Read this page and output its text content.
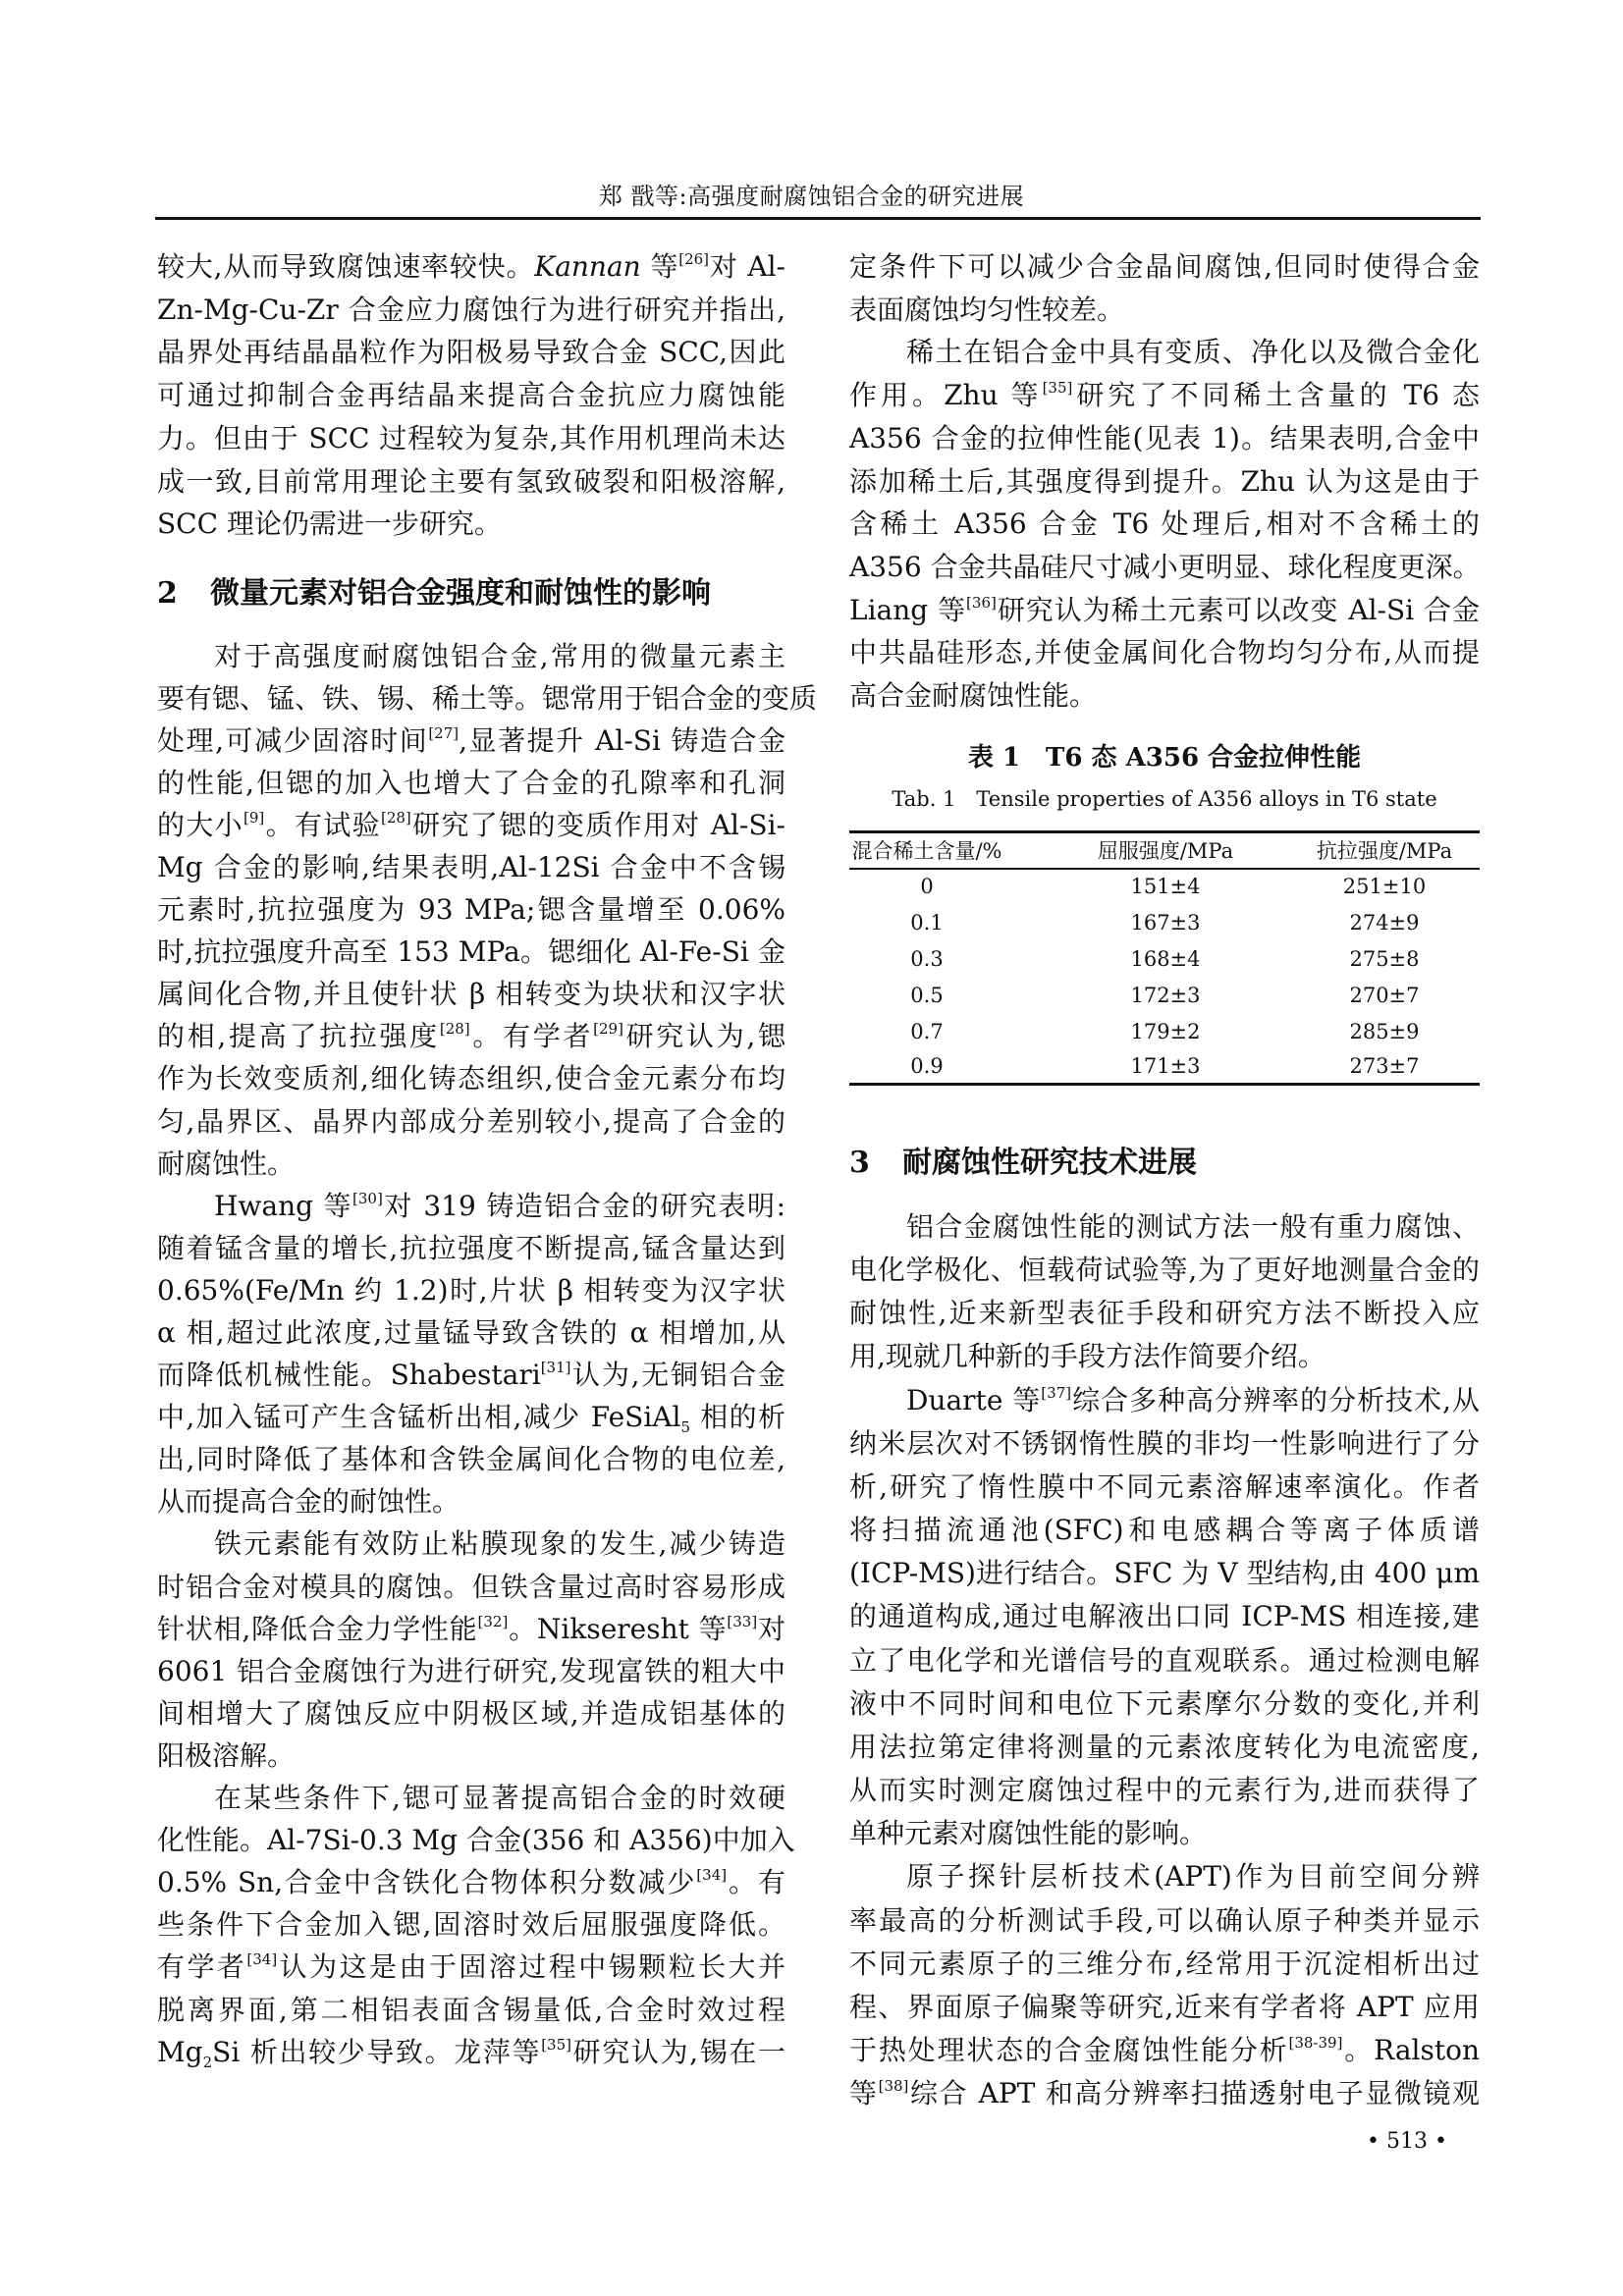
郑 戬等:高强度耐腐蚀铝合金的研究进展
较大,从而导致腐蚀速率较快。Kannan 等[26]对 Al-
Zn-Mg-Cu-Zr 合金应力腐蚀行为进行研究并指出,
晶界处再结晶晶粒作为阳极易导致合金 SCC,因此
可通过抑制合金再结晶来提高合金抗应力腐蚀能
力。但由于 SCC 过程较为复杂,其作用机理尚未达
成一致,目前常用理论主要有氢致破裂和阳极溶解,
SCC 理论仍需进一步研究。
2 微量元素对铝合金强度和耐蚀性的影响
对于高强度耐腐蚀铝合金,常用的微量元素主
要有锶、锰、铁、锡、稀土等。锶常用于铝合金的变质
处理,可减少固溶时间[27],显著提升 Al-Si 铸造合金
的性能,但锶的加入也增大了合金的孔隙率和孔洞
的大小[9]。有试验[28]研究了锶的变质作用对 Al-Si-
Mg 合金的影响,结果表明,Al-12Si 合金中不含锡
元素时,抗拉强度为 93 MPa;锶含量增至 0.06%
时,抗拉强度升高至 153 MPa。锶细化 Al-Fe-Si 金
属间化合物,并且使针状 β 相转变为块状和汉字状
的相,提高了抗拉强度[28]。有学者[29]研究认为,锶
作为长效变质剂,细化铸态组织,使合金元素分布均
匀,晶界区、晶界内部成分差别较小,提高了合金的
耐腐蚀性。
Hwang 等[30]对 319 铸造铝合金的研究表明:
随着锰含量的增长,抗拉强度不断提高,锰含量达到
0.65%(Fe/Mn 约 1.2)时,片状 β 相转变为汉字状
α 相,超过此浓度,过量锰导致含铁的 α 相增加,从
而降低机械性能。Shabestari[31]认为,无铜铝合金
中,加入锰可产生含锰析出相,减少 FeSiAl$_5$ 相的析
出,同时降低了基体和含铁金属间化合物的电位差,
从而提高合金的耐蚀性。
铁元素能有效防止粘膜现象的发生,减少铸造
时铝合金对模具的腐蚀。但铁含量过高时容易形成
针状相,降低合金力学性能[32]。Nikseresht 等[33]对
6061 铝合金腐蚀行为进行研究,发现富铁的粗大中
间相增大了腐蚀反应中阴极区域,并造成铝基体的
阳极溶解。
在某些条件下,锶可显著提高铝合金的时效硬
化性能。Al-7Si-0.3 Mg 合金(356 和 A356)中加入
0.5% Sn,合金中含铁化合物体积分数减少[34]。有
些条件下合金加入锶,固溶时效后屈服强度降低。
有学者[34]认为这是由于固溶过程中锡颗粒长大并
脱离界面,第二相铝表面含锡量低,合金时效过程
$Mg_2Si$ 析出较少导致。龙萍等[35]研究认为,锡在一
定条件下可以减少合金晶间腐蚀,但同时使得合金
表面腐蚀均匀性较差。
稀土在铝合金中具有变质、净化以及微合金化
作用。Zhu 等[35]研究了不同稀土含量的 T6 态
A356 合金的拉伸性能(见表 1)。结果表明,合金中
添加稀土后,其强度得到提升。Zhu 认为这是由于
含稀土 A356 合金 T6 处理后,相对不含稀土的
A356 合金共晶硅尺寸减小更明显、球化程度更深。
Liang 等[36]研究认为稀土元素可以改变 Al-Si 合金
中共晶硅形态,并使金属间化合物均匀分布,从而提
高合金耐腐蚀性能。
表 1　T6 态 A356 合金拉伸性能
Tab. 1　Tensile properties of A356 alloys in T6 state
混合稀土含量/%	屈服强度/MPa	抗拉强度/MPa
0	151±4	251±10
0.1	167±3	274±9
0.3	168±4	275±8
0.5	172±3	270±7
0.7	179±2	285±9
0.9	171±3	273±7
3 耐腐蚀性研究技术进展
铝合金腐蚀性能的测试方法一般有重力腐蚀、
电化学极化、恒载荷试验等,为了更好地测量合金的
耐蚀性,近来新型表征手段和研究方法不断投入应
用,现就几种新的手段方法作简要介绍。
Duarte 等[37]综合多种高分辨率的分析技术,从
纳米层次对不锈钢惰性膜的非均一性影响进行了分
析,研究了惰性膜中不同元素溶解速率演化。作者
将扫描流通池(SFC)和电感耦合等离子体质谱
(ICP-MS)进行结合。SFC 为 V 型结构,由 400 μm
的通道构成,通过电解液出口同 ICP-MS 相连接,建
立了电化学和光谱信号的直观联系。通过检测电解
液中不同时间和电位下元素摩尔分数的变化,并利
用法拉第定律将测量的元素浓度转化为电流密度,
从而实时测定腐蚀过程中的元素行为,进而获得了
单种元素对腐蚀性能的影响。
原子探针层析技术(APT)作为目前空间分辨
率最高的分析测试手段,可以确认原子种类并显示
不同元素原子的三维分布,经常用于沉淀相析出过
程、界面原子偏聚等研究,近来有学者将 APT 应用
于热处理状态的合金腐蚀性能分析[38-39]。Ralston
等[38]综合 APT 和高分辨率扫描透射电子显微镜观
• 513 •
